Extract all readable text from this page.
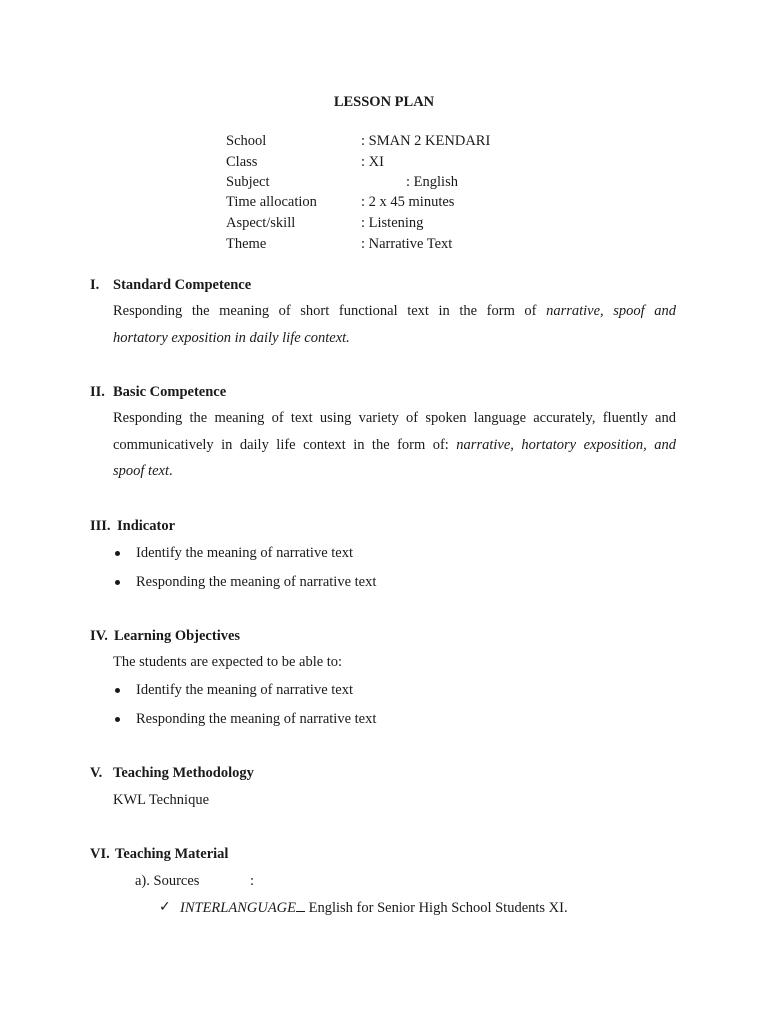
LESSON PLAN
School	: SMAN 2 KENDARI
Class	: XI
Subject	: English
Time allocation	: 2 x 45 minutes
Aspect/skill	: Listening
Theme	: Narrative Text
I. Standard Competence
Responding the meaning of short functional text in the form of narrative, spoof and
hortatory exposition in daily life context.
II. Basic Competence
Responding the meaning of text using variety of spoken language accurately, fluently and
communicatively in daily life context in the form of: narrative, hortatory exposition, and
spoof text.
III. Indicator
Identify the meaning of narrative text
Responding the meaning of narrative text
IV. Learning Objectives
The students are expected to be able to:
Identify the meaning of narrative text
Responding the meaning of narrative text
V. Teaching Methodology
KWL Technique
VI. Teaching Material
a). Sources	:
✓ INTERLANGUAGE English for Senior High School Students XI.
